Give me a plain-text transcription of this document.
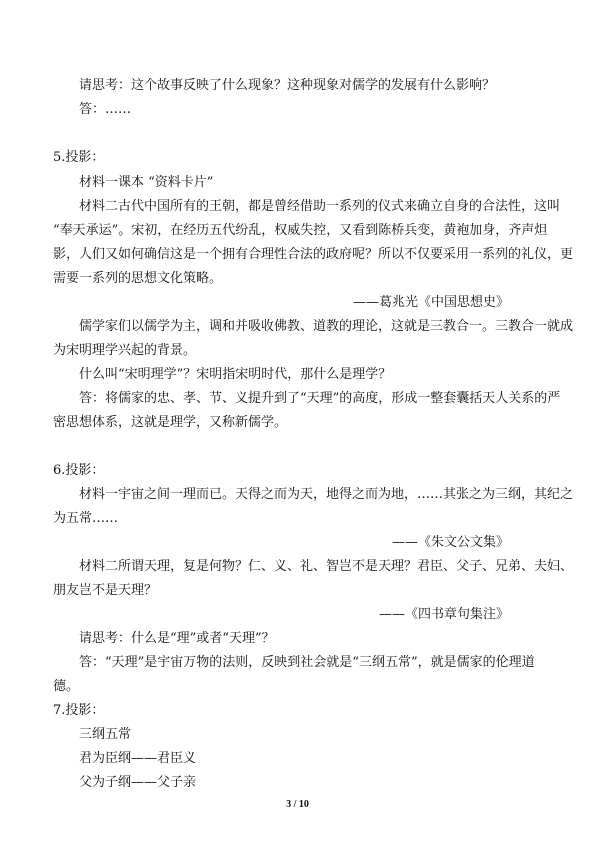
请思考：这个故事反映了什么现象？这种现象对儒学的发展有什么影响？
答：……
5.投影：
材料一课本 “资料卡片”
材料二古代中国所有的王朝，都是曾经借助一系列的仪式来确立自身的合法性，这叫
“奉天承运”。宋初，在经历五代纷乱，权威失控，又看到陈桥兵变，黄袍加身，齐声炟
影，人们又如何确信这是一个拥有合理性合法的政府呢？所以不仅要采用一系列的礼仪，更
需要一系列的思想文化策略。
——葛兆光《中国思想史》
儒学家们以儒学为主，调和并吸收佛教、道教的理论，这就是三教合一。三教合一就成
为宋明理学兴起的背景。
什么叫“宋明理学”？宋明指宋明时代，那什么是理学？
答：将儒家的忠、孝、节、义提升到了“天理”的高度，形成一整套囊括天人关系的严
密思想体系，这就是理学，又称新儒学。
6.投影：
材料一宇宙之间一理而已。天得之而为天，地得之而为地，……其张之为三纲，其纪之
为五常……
——《朱文公文集》
材料二所谓天理，复是何物？仁、义、礼、智岂不是天理？君臣、父子、兄弟、夫妇、
朋友岂不是天理？
——《四书章句集注》
请思考：什么是“理”或者“天理”？
答：“天理”是宇宙万物的法则，反映到社会就是“三纲五常”，就是儒家的伦理道
德。
7.投影：
三纲五常
君为臣纲——君臣义
3 / 10
父为子纲——父子亲
